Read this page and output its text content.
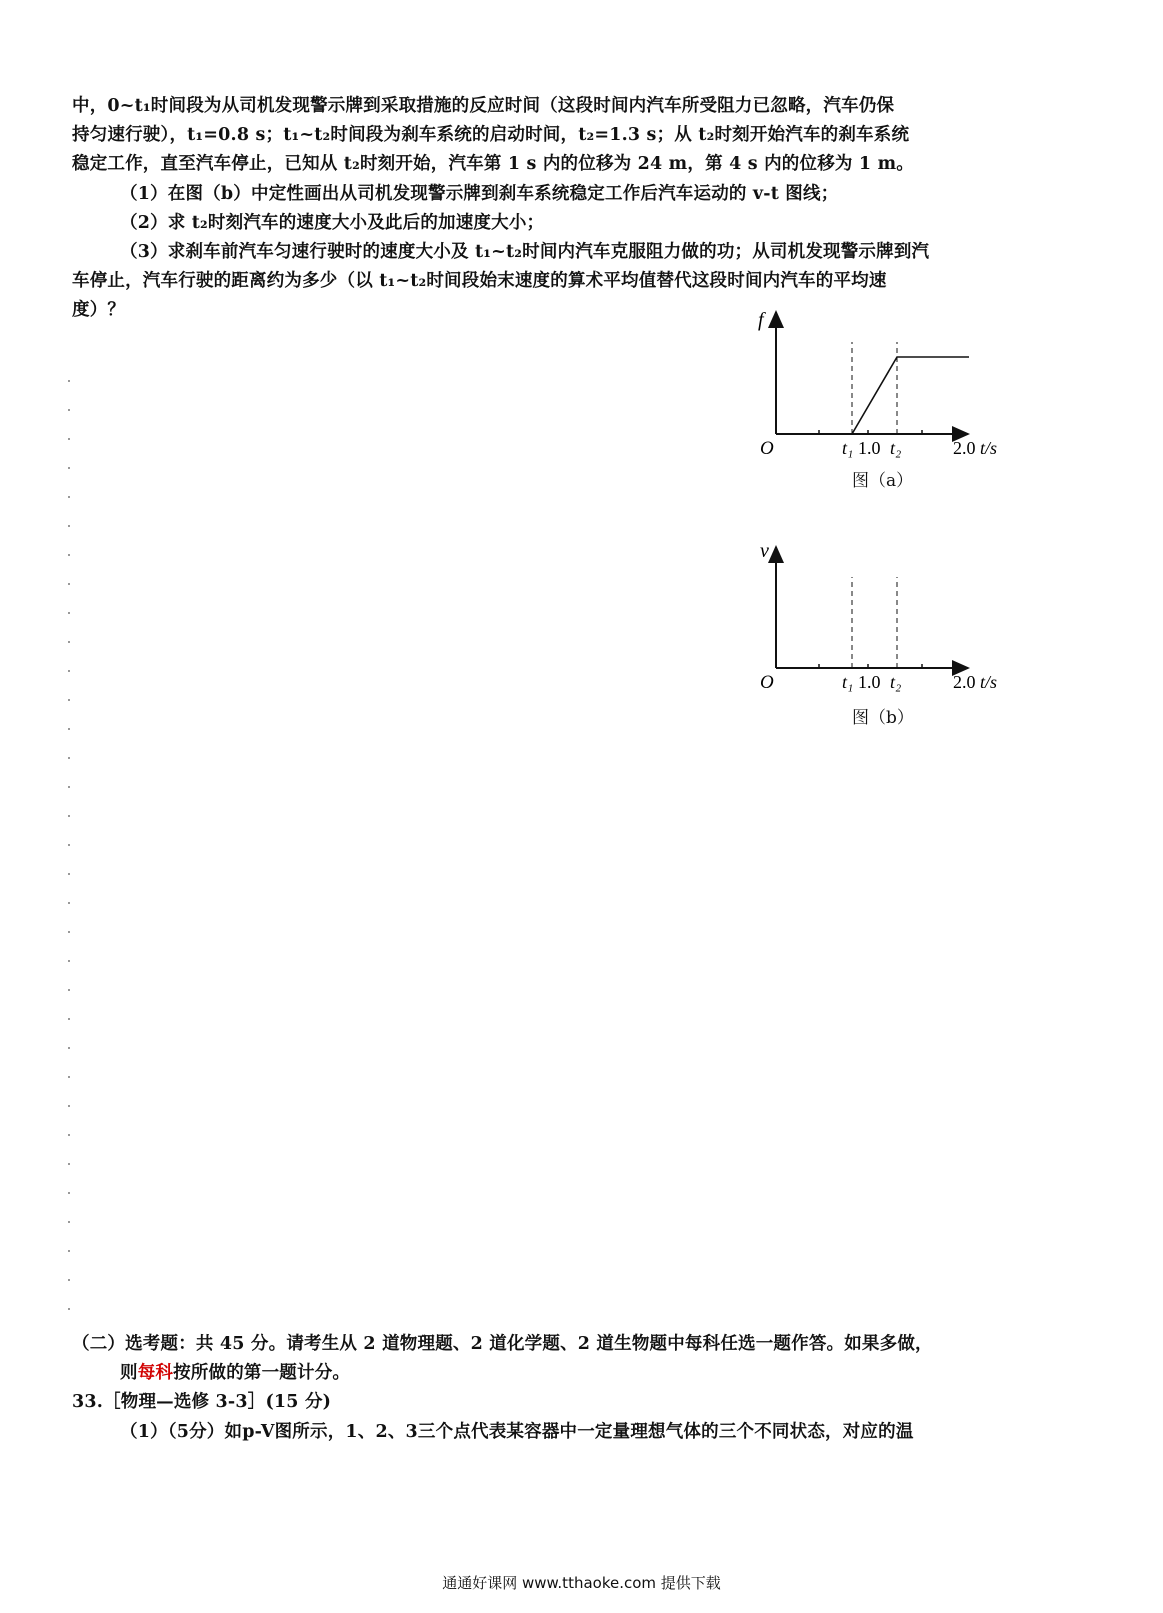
中，0~t₁时间段为从司机发现警示牌到采取措施的反应时间（这段时间内汽车所受阻力已忽略，汽车仍保
持匀速行驶），t₁=0.8 s；t₁~t₂时间段为刹车系统的启动时间，t₂=1.3 s；从 t₂时刻开始汽车的刹车系统
稳定工作，直至汽车停止，已知从 t₂时刻开始，汽车第 1 s 内的位移为 24 m，第 4 s 内的位移为 1 m。
（1）在图（b）中定性画出从司机发现警示牌到刹车系统稳定工作后汽车运动的 v-t 图线；
（2）求 t₂时刻汽车的速度大小及此后的加速度大小；
（3）求刹车前汽车匀速行驶时的速度大小及 t₁~t₂时间内汽车克服阻力做的功；从司机发现警示牌到汽
车停止，汽车行驶的距离约为多少（以 t₁~t₂时间段始末速度的算术平均值替代这段时间内汽车的平均速
度）？	f
O	t₁ 1.0 t₂	2.0 t/s
图（a）
v
O	t₁ 1.0 t₂	2.0 t/s
图（b）
（二）选考题：共 45 分。请考生从 2 道物理题、2 道化学题、2 道生物题中每科任选一题作答。如果多做，
则每科按所做的第一题计分。
33.［物理—选修 3-3］(15 分)
（1）（5分）如p-V图所示，1、2、3三个点代表某容器中一定量理想气体的三个不同状态，对应的温
通通好课网 www.tthaoke.com 提供下载
